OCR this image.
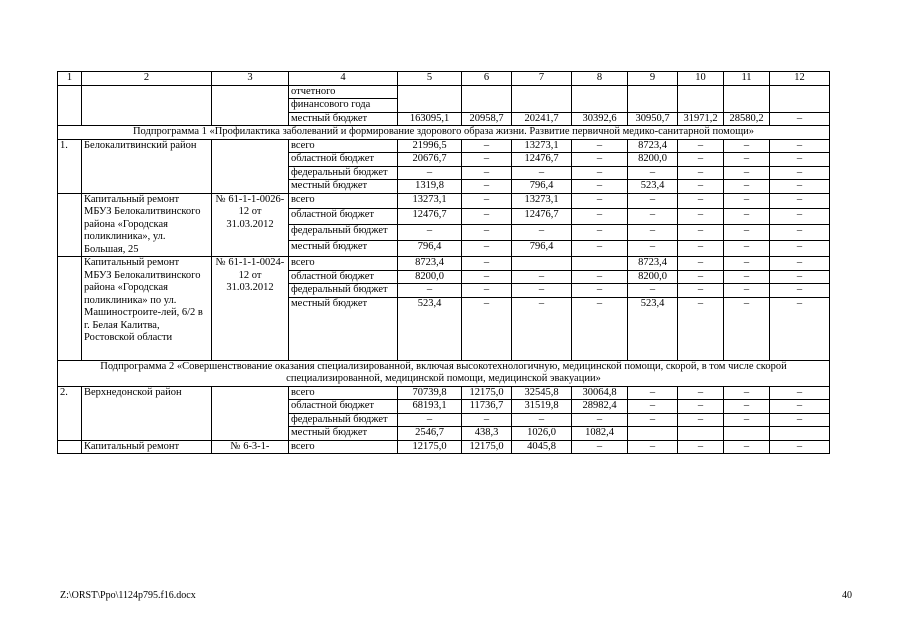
1	2	3	4	5	6	7	8	9	10	11	12
			отчетного								
			финансового года								
			местный бюджет	163095,1	20958,7	20241,7	30392,6	30950,7	31971,2	28580,2	–
Подпрограмма 1 «Профилактика заболеваний и формирование здорового образа жизни. Развитие первичной медико-санитарной помощи»											
1.	Белокалитвинский район		всего	21996,5	–	13273,1	–	8723,4	–	–	–
			областной бюджет	20676,7	–	12476,7	–	8200,0	–	–	–
			федеральный бюджет	–	–	–	–	–	–	–	–
			местный бюджет	1319,8	–	796,4	–	523,4	–	–	–
	Капитальный ремонт МБУЗ Белокалитвинского района «Городская поликлиника», ул. Большая, 25	№ 61-1-1-0026-12 от 31.03.2012	всего	13273,1	–	13273,1	–	–	–	–	–
			областной бюджет	12476,7	–	12476,7	–	–	–	–	–
			федеральный бюджет	–	–	–	–	–	–	–	–
			местный бюджет	796,4	–	796,4	–	–	–	–	–
	Капитальный ремонт МБУЗ Белокалитвинского района «Городская поликлиника» по ул. Машиностроите-лей, 6/2 в г. Белая Калитва, Ростовской области	№ 61-1-1-0024-12 от 31.03.2012	всего	8723,4	–			8723,4	–	–	–
			областной бюджет	8200,0	–	–	–	8200,0	–	–	–
			федеральный бюджет	–	–	–	–	–	–	–	–
			местный бюджет	523,4	–	–	–	523,4	–	–	–
Подпрограмма 2 «Совершенствование оказания специализированной, включая высокотехнологичную, медицинской помощи, скорой, в том числе скорой специализированной, медицинской помощи, медицинской эвакуации»											
2.	Верхнедонской район		всего	70739,8	12175,0	32545,8	30064,8	–	–	–	–
			областной бюджет	68193,1	11736,7	31519,8	28982,4	–	–	–	–
			федеральный бюджет	–	–	–	–	–	–	–	–
			местный бюджет	2546,7	438,3	1026,0	1082,4				
	Капитальный ремонт	№ 6-3-1-	всего	12175,0	12175,0	4045,8	–	–	–	–	–
Z:\ORST\Ppo\1124p795.f16.docx	40
